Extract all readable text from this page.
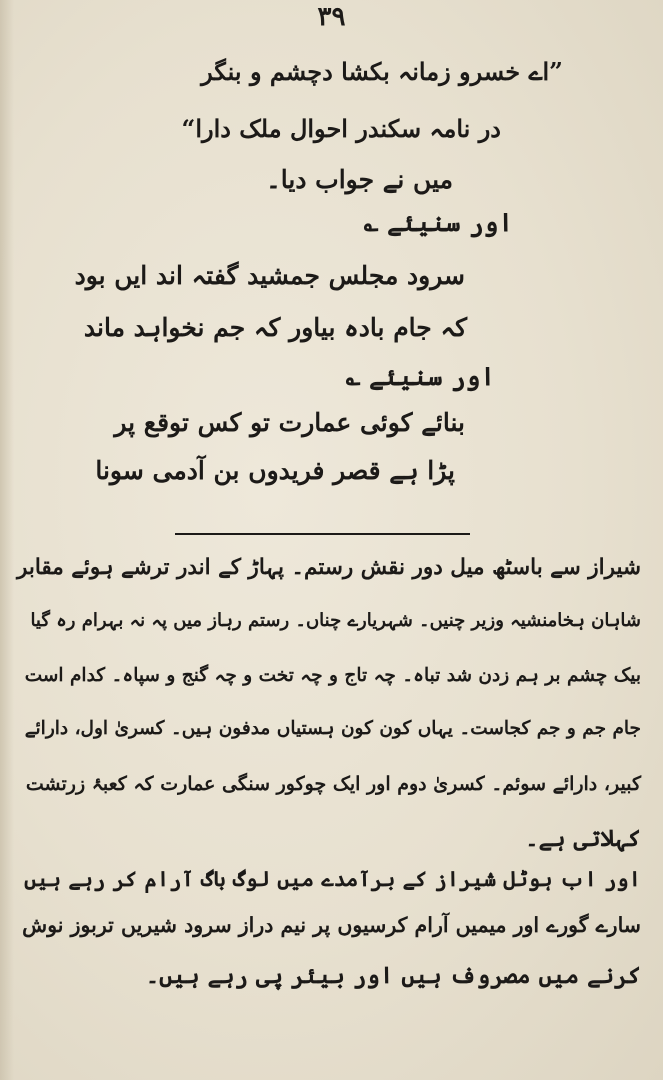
۳۹

”اے خسرو زمانہ بکشا دچشم و بنگر

در نامہ سکندر احوال ملک دارا“

میں نے جواب دیا۔

اور سنیئے ؎

سرود مجلس جمشید گفتہ اند ایں بود

کہ جام بادہ بیاور کہ جم نخواہد ماند

اور سنیئے ؎

بنائے کوئی عمارت تو کس توقع پر

پڑا ہے قصر فریدوں بن آدمی سونا

شیراز سے باسٹھ میل دور نقش رستم۔ پہاڑ کے اندر ترشے ہوئے مقابر

شاہان ہخامنشیہ وزیر چنیں۔ شہریارے چناں۔ رستم رہاز میں پہ نہ بہرام رہ گیا

بیک چشم بر ہم زدن شد تباہ۔ چہ تاج و چہ تخت و چہ گنج و سپاہ۔ کدام است

جام جم و جم کجاست۔ یہاں کون کون ہستیاں مدفون ہیں۔ کسریٰ اول، دارائے

کبیر، دارائے سوئم۔ کسریٰ دوم اور ایک چوکور سنگی عمارت کہ کعبۂ زرتشت

کہلاتی ہے۔

اور اب ہوٹل شیراز کے برآمدے میں لوگ باگ آرام کر رہے ہیں

سارے گورے اور میمیں آرام کرسیوں پر نیم دراز سرود شیریں تربوز نوش

کرنے میں مصروف ہیں اور بیئر پی رہے ہیں۔
